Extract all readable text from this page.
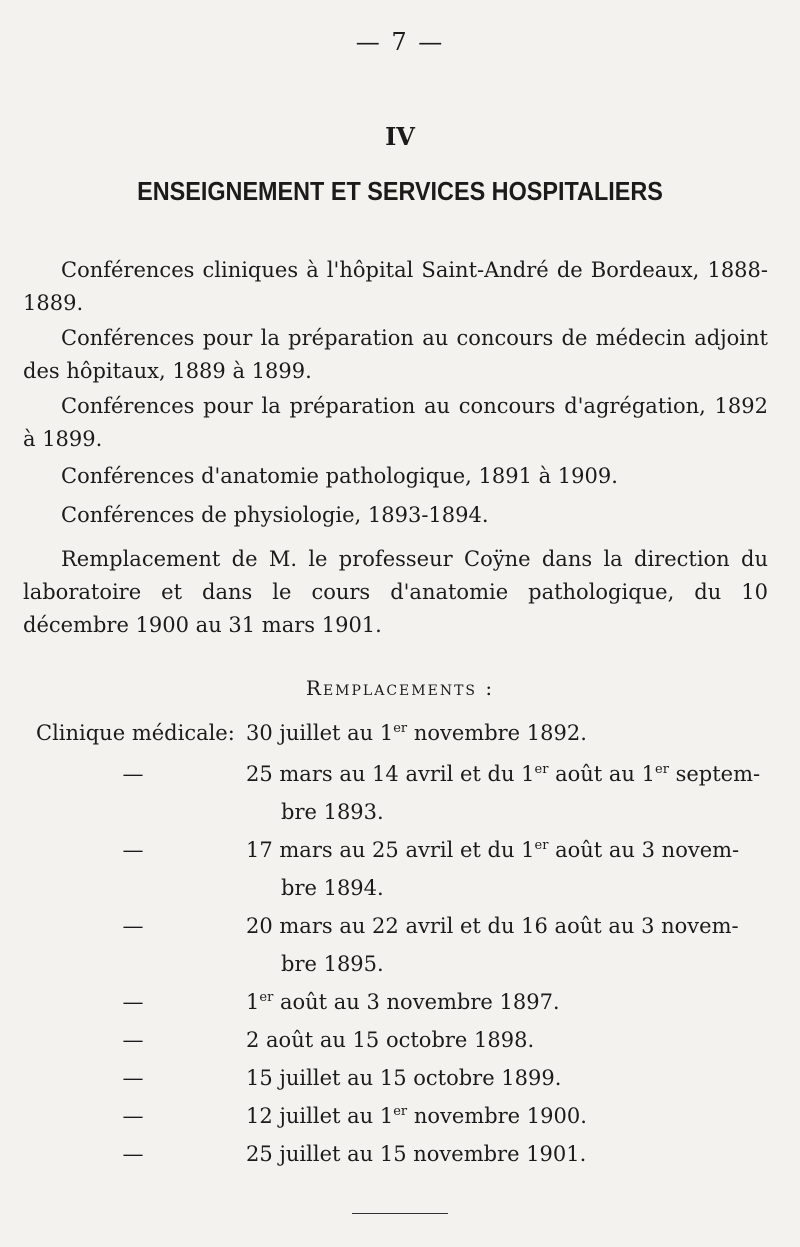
— 7 —
IV
ENSEIGNEMENT ET SERVICES HOSPITALIERS

Conférences cliniques à l'hôpital Saint-André de Bordeaux, 1888-1889.

Conférences pour la préparation au concours de médecin adjoint des hôpitaux, 1889 à 1899.

Conférences pour la préparation au concours d'agrégation, 1892 à 1899.

Conférences d'anatomie pathologique, 1891 à 1909.

Conférences de physiologie, 1893-1894.

Remplacement de M. le professeur Coÿne dans la direction du laboratoire et dans le cours d'anatomie pathologique, du 10 décembre 1900 au 31 mars 1901.

Remplacements :
Clinique médicale: 30 juillet au 1er novembre 1892.
—	25 mars au 14 avril et du 1er août au 1er septem-
bre 1893.
—	17 mars au 25 avril et du 1er août au 3 novem-
bre 1894.
—	20 mars au 22 avril et du 16 août au 3 novem-
bre 1895.
—	1er août au 3 novembre 1897.
—	2 août au 15 octobre 1898.
—	15 juillet au 15 octobre 1899.
—	12 juillet au 1er novembre 1900.
—	25 juillet au 15 novembre 1901.
